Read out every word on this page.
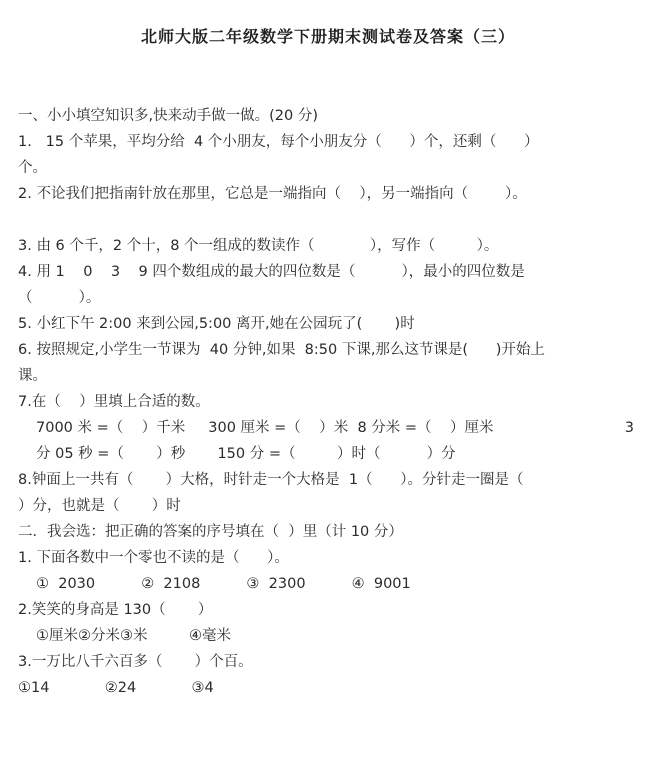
北师大版二年级数学下册期末测试卷及答案（三）
一、小小填空知识多,快来动手做一做。(20 分)
1.   15 个苹果，平均分给  4 个小朋友，每个小朋友分（      ）个，还剩（      ）
个。
2. 不论我们把指南针放在那里，它总是一端指向（    ），另一端指向（        ）。
3. 由 6 个千，2 个十，8 个一组成的数读作（            ），写作（         ）。
4. 用 1    0    3    9 四个数组成的最大的四位数是（          ），最小的四位数是
（          ）。
5. 小红下午 2:00 来到公园,5:00 离开,她在公园玩了(       )时
6. 按照规定,小学生一节课为  40 分钟,如果  8:50 下课,那么这节课是(      )开始上
课。
7.在（    ）里填上合适的数。
7000 米 =（    ）千米     300 厘米 =（    ）米  8 分米 =（    ）厘米	3
分 05 秒 =（       ）秒       150 分 =（         ）时（          ）分
8.钟面上一共有（       ）大格，时针走一个大格是  1（      ）。分针走一圈是（
）分，也就是（       ）时
二．我会选：把正确的答案的序号填在（  ）里（计 10 分）
1. 下面各数中一个零也不读的是（      ）。
①  2030          ②  2108          ③  2300          ④  9001
2.笑笑的身高是 130（       ）
①厘米②分米③米         ④毫米
3.一万比八千六百多（       ）个百。
①14            ②24            ③4
